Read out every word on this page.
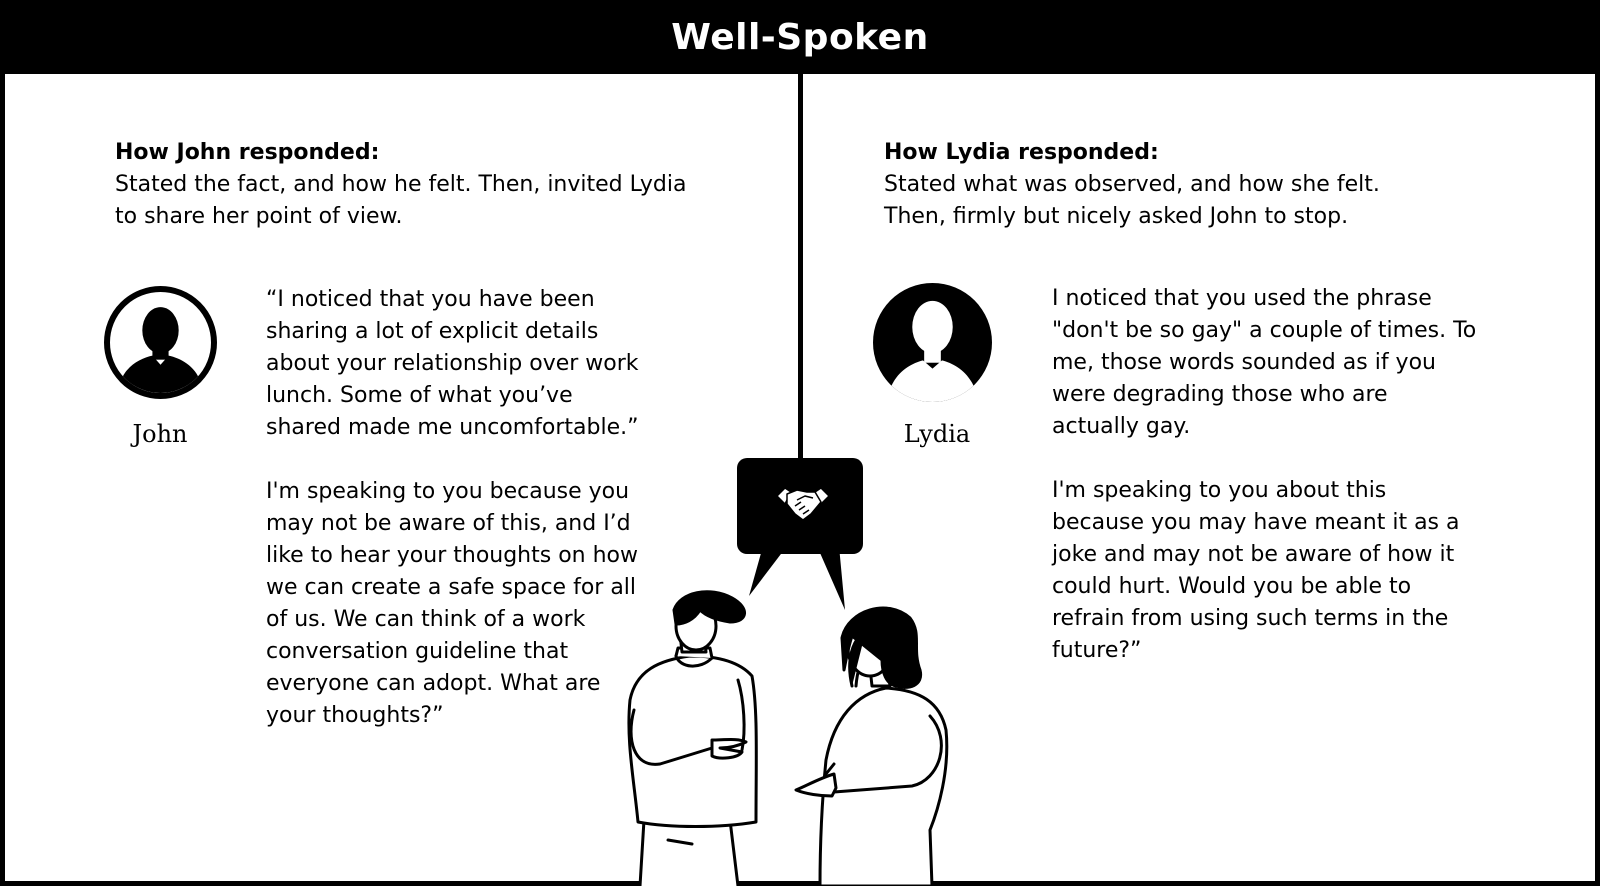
Well-Spoken
How John responded:
Stated the fact, and how he felt. Then, invited Lydia to share her point of view.
How Lydia responded:
Stated what was observed, and how she felt.
Then, firmly but nicely asked John to stop.
John	Lydia
“I noticed that you have been
sharing a lot of explicit details
about your relationship over work
lunch. Some of what you’ve
shared made me uncomfortable.”
I'm speaking to you because you
may not be aware of this, and I’d
like to hear your thoughts on how
we can create a safe space for all
of us. We can think of a work
conversation guideline that
everyone can adopt. What are
your thoughts?”
I noticed that you used the phrase
"don't be so gay" a couple of times. To
me, those words sounded as if you
were degrading those who are
actually gay.
I'm speaking to you about this
because you may have meant it as a
joke and may not be aware of how it
could hurt. Would you be able to
refrain from using such terms in the
future?”
